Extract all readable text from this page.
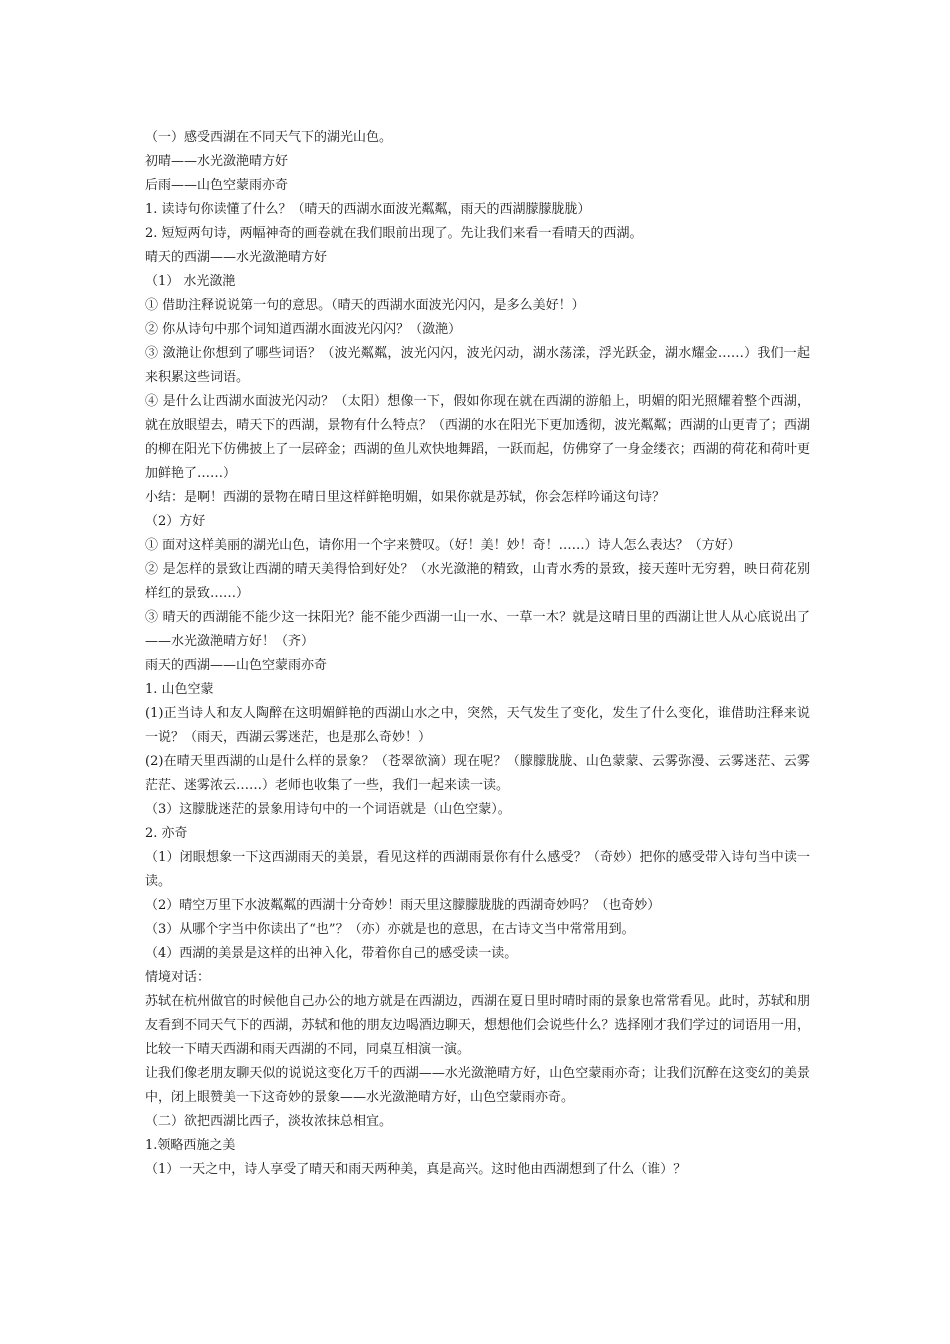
（一）感受西湖在不同天气下的湖光山色。

初晴——水光潋滟晴方好

后雨——山色空蒙雨亦奇

1. 读诗句你读懂了什么？（晴天的西湖水面波光粼粼，雨天的西湖朦朦胧胧）

2. 短短两句诗，两幅神奇的画卷就在我们眼前出现了。先让我们来看一看晴天的西湖。

晴天的西湖——水光潋滟晴方好

（1） 水光潋滟

① 借助注释说说第一句的意思。（晴天的西湖水面波光闪闪，是多么美好！）

② 你从诗句中那个词知道西湖水面波光闪闪？（潋滟）

③ 潋滟让你想到了哪些词语？（波光粼粼，波光闪闪，波光闪动，湖水荡漾，浮光跃金，湖水耀金……）我们一起来积累这些词语。

④ 是什么让西湖水面波光闪动？（太阳）想像一下，假如你现在就在西湖的游船上，明媚的阳光照耀着整个西湖，就在放眼望去，晴天下的西湖，景物有什么特点？（西湖的水在阳光下更加透彻，波光粼粼；西湖的山更青了；西湖的柳在阳光下仿佛披上了一层碎金；西湖的鱼儿欢快地舞蹈，一跃而起，仿佛穿了一身金缕衣；西湖的荷花和荷叶更加鲜艳了……）

小结：是啊！西湖的景物在晴日里这样鲜艳明媚，如果你就是苏轼，你会怎样吟诵这句诗？

（2）方好

① 面对这样美丽的湖光山色，请你用一个字来赞叹。（好！美！妙！奇！……）诗人怎么表达？（方好）

② 是怎样的景致让西湖的晴天美得恰到好处？（水光潋滟的精致，山青水秀的景致，接天莲叶无穷碧，映日荷花别样红的景致……）

③ 晴天的西湖能不能少这一抹阳光？能不能少西湖一山一水、一草一木？就是这晴日里的西湖让世人从心底说出了——水光潋滟晴方好！（齐）

雨天的西湖——山色空蒙雨亦奇

1. 山色空蒙

(1)正当诗人和友人陶醉在这明媚鲜艳的西湖山水之中，突然，天气发生了变化，发生了什么变化，谁借助注释来说一说？（雨天，西湖云雾迷茫，也是那么奇妙！）

(2)在晴天里西湖的山是什么样的景象？（苍翠欲滴）现在呢？（朦朦胧胧、山色蒙蒙、云雾弥漫、云雾迷茫、云雾茫茫、迷雾浓云……）老师也收集了一些，我们一起来读一读。

（3）这朦胧迷茫的景象用诗句中的一个词语就是（山色空蒙）。

2. 亦奇

（1）闭眼想象一下这西湖雨天的美景，看见这样的西湖雨景你有什么感受？（奇妙）把你的感受带入诗句当中读一读。

（2）晴空万里下水波粼粼的西湖十分奇妙！雨天里这朦朦胧胧的西湖奇妙吗？（也奇妙）

（3）从哪个字当中你读出了“也”？（亦）亦就是也的意思，在古诗文当中常常用到。

（4）西湖的美景是这样的出神入化，带着你自己的感受读一读。

情境对话：

苏轼在杭州做官的时候他自己办公的地方就是在西湖边，西湖在夏日里时晴时雨的景象也常常看见。此时，苏轼和朋友看到不同天气下的西湖，苏轼和他的朋友边喝酒边聊天，想想他们会说些什么？选择刚才我们学过的词语用一用，比较一下晴天西湖和雨天西湖的不同，同桌互相演一演。

让我们像老朋友聊天似的说说这变化万千的西湖——水光潋滟晴方好，山色空蒙雨亦奇；让我们沉醉在这变幻的美景中，闭上眼赞美一下这奇妙的景象——水光潋滟晴方好，山色空蒙雨亦奇。

（二）欲把西湖比西子，淡妆浓抹总相宜。

1.领略西施之美

（1）一天之中，诗人享受了晴天和雨天两种美，真是高兴。这时他由西湖想到了什么（谁）？
